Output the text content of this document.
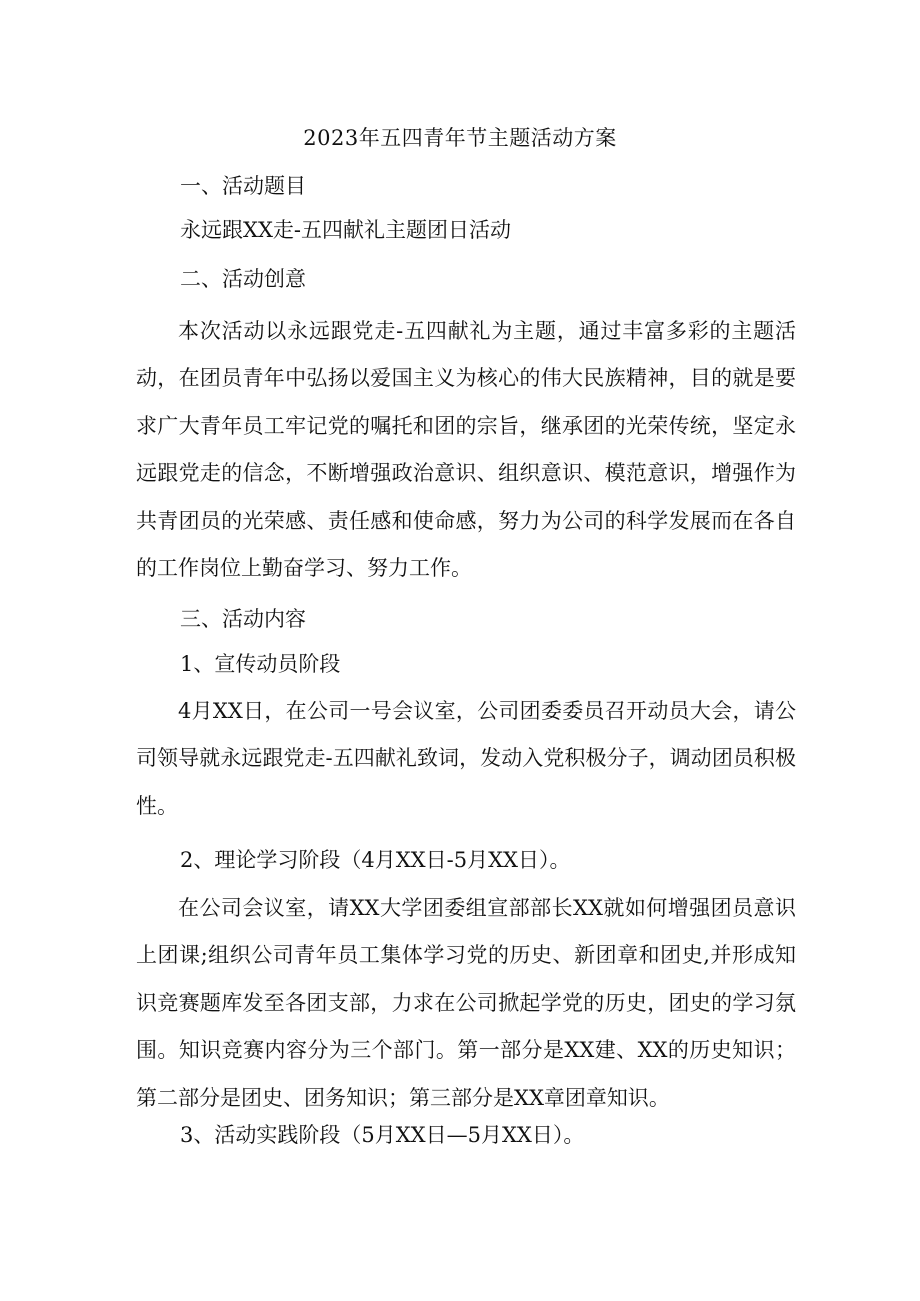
2023年五四青年节主题活动方案
一、活动题目
永远跟XX走-五四献礼主题团日活动
二、活动创意

本次活动以永远跟党走-五四献礼为主题，通过丰富多彩的主题活动，在团员青年中弘扬以爱国主义为核心的伟大民族精神，目的就是要求广大青年员工牢记党的嘱托和团的宗旨，继承团的光荣传统，坚定永远跟党走的信念，不断增强政治意识、组织意识、模范意识，增强作为共青团员的光荣感、责任感和使命感，努力为公司的科学发展而在各自的工作岗位上勤奋学习、努力工作。

三、活动内容
1、宣传动员阶段

4月XX日，在公司一号会议室，公司团委委员召开动员大会，请公司领导就永远跟党走-五四献礼致词，发动入党积极分子，调动团员积极性。

2、理论学习阶段（4月XX日-5月XX日）。

在公司会议室，请XX大学团委组宣部部长XX就如何增强团员意识上团课;组织公司青年员工集体学习党的历史、新团章和团史,并形成知识竞赛题库发至各团支部，力求在公司掀起学党的历史，团史的学习氛围。知识竞赛内容分为三个部门。第一部分是XX建、XX的历史知识；第二部分是团史、团务知识；第三部分是XX章团章知识。

3、活动实践阶段（5月XX日—5月XX日）。
